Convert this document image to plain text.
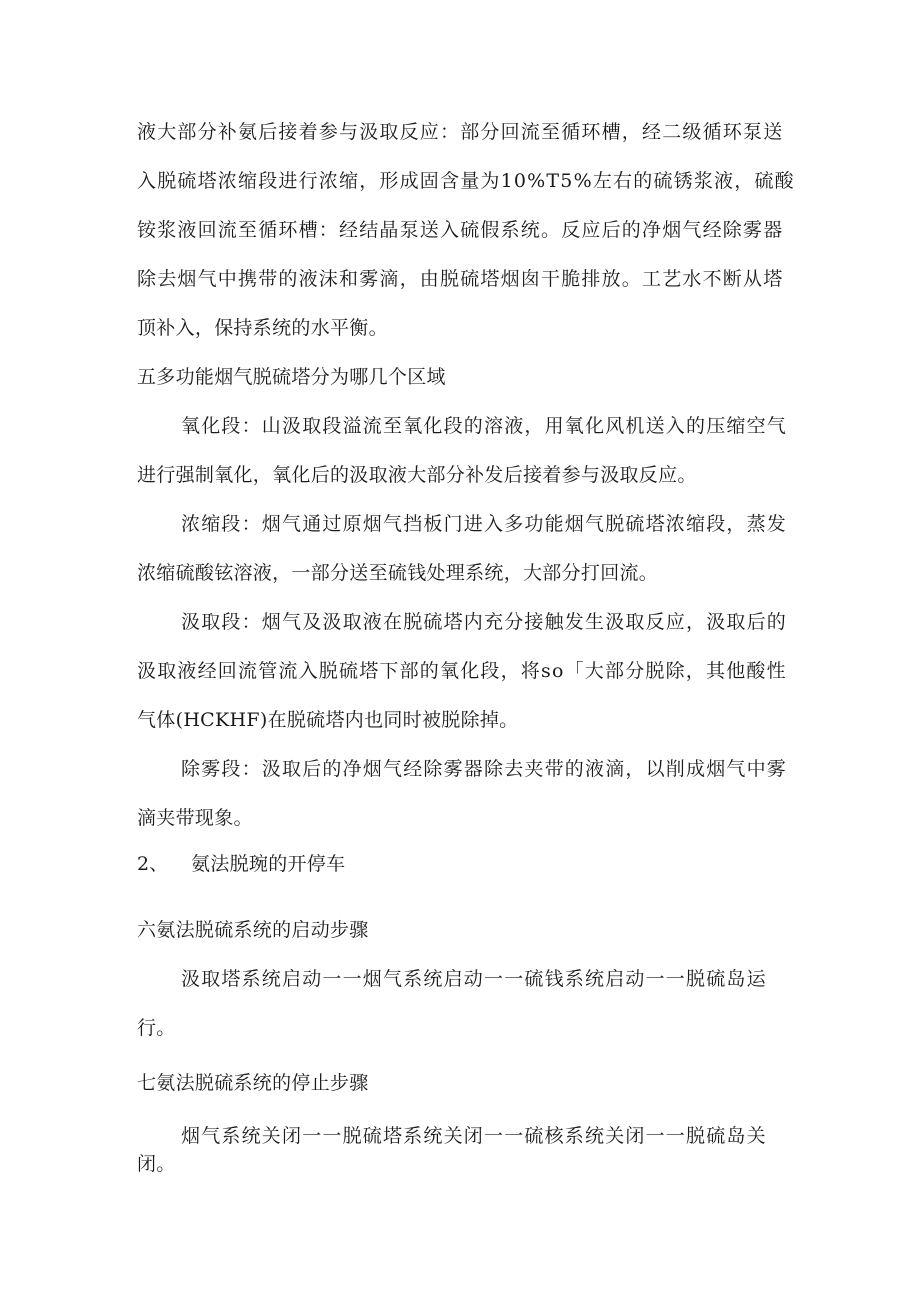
液大部分补氨后接着参与汲取反应：部分回流至循环槽，经二级循环泵送
入脱硫塔浓缩段进行浓缩，形成固含量为10%T5%左右的硫锈浆液，硫酸
铵浆液回流至循环槽：经结晶泵送入硫假系统。反应后的净烟气经除雾器
除去烟气中携带的液沫和雾滴，由脱硫塔烟囱干脆排放。工艺水不断从塔
顶补入，保持系统的水平衡。
五多功能烟气脱硫塔分为哪几个区域
氧化段：山汲取段溢流至氧化段的溶液，用氧化风机送入的压缩空气
进行强制氧化，氧化后的汲取液大部分补发后接着参与汲取反应。
浓缩段：烟气通过原烟气挡板门进入多功能烟气脱硫塔浓缩段，蒸发
浓缩硫酸铉溶液，一部分送至硫钱处理系统，大部分打回流。
汲取段：烟气及汲取液在脱硫塔内充分接触发生汲取反应，汲取后的
汲取液经回流管流入脱硫塔下部的氧化段，将so「大部分脱除，其他酸性
气体(HCKHF)在脱硫塔内也同时被脱除掉。
除雾段：汲取后的净烟气经除雾器除去夹带的液滴，以削成烟气中雾
滴夹带现象。
2、 氨法脱琬的开停车
六氨法脱硫系统的启动步骤
汲取塔系统启动一一烟气系统启动一一硫钱系统启动一一脱硫岛运
行。
七氨法脱硫系统的停止步骤
烟气系统关闭一一脱硫塔系统关闭一一硫核系统关闭一一脱硫岛关
闭。
